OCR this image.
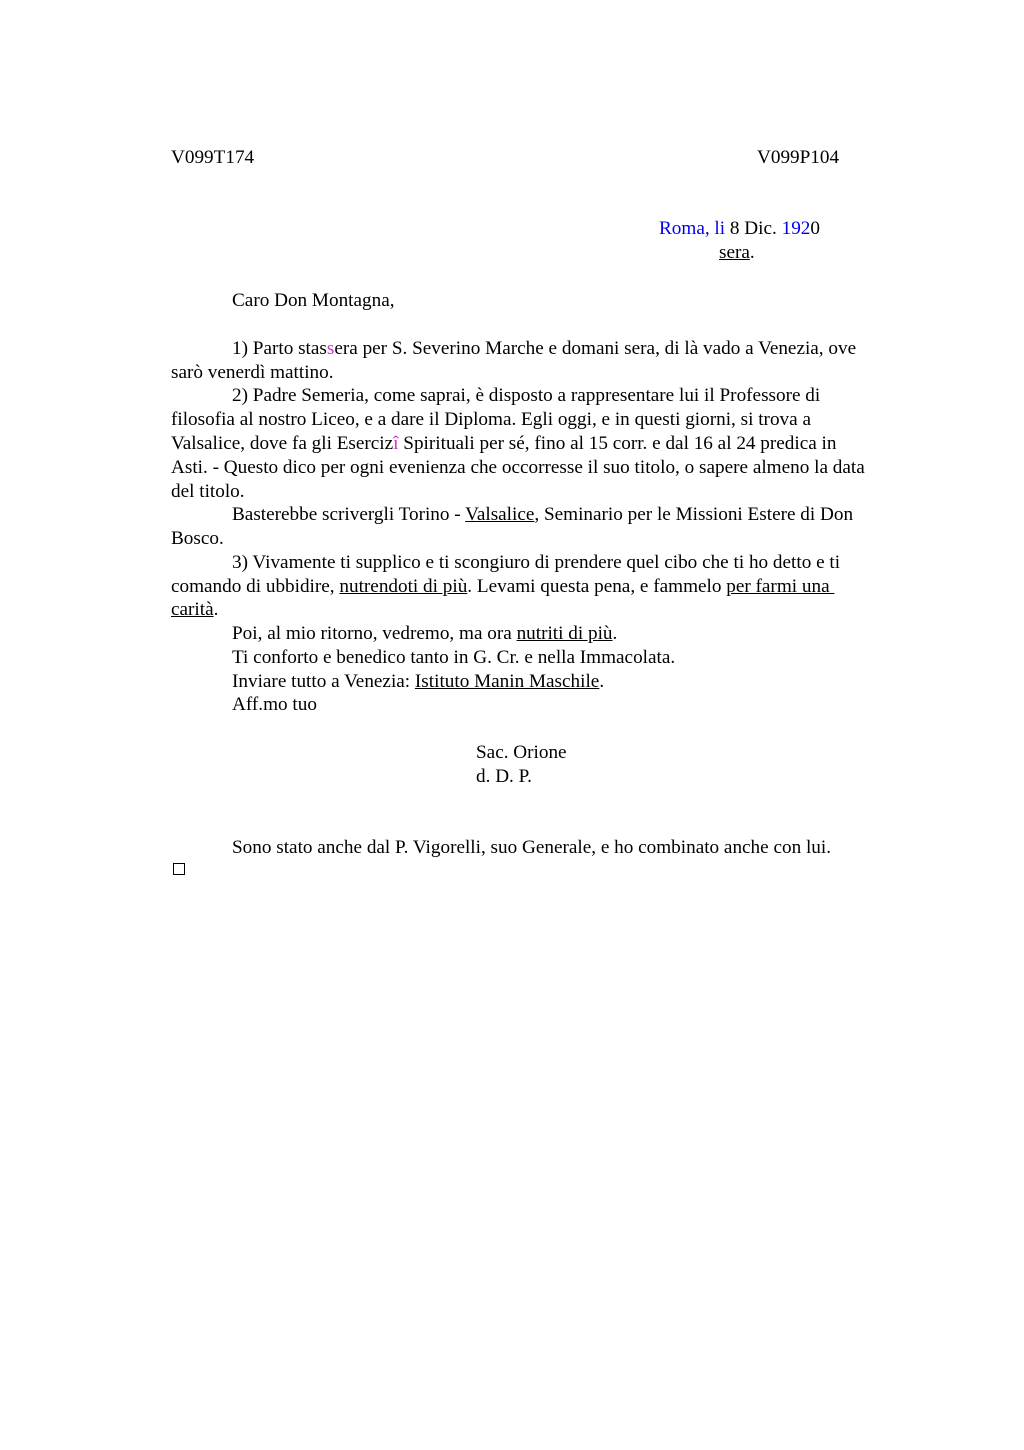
V099T174	V099P104
Roma, li 8 Dic. 1920
sera.
Caro Don Montagna,
1) Parto stassera per S. Severino Marche e domani sera, di là vado a Venezia, ove
sarò venerdì mattino.
2) Padre Semeria, come saprai, è disposto a rappresentare lui il Professore di
filosofia al nostro Liceo, e a dare il Diploma. Egli oggi, e in questi giorni, si trova a
Valsalice, dove fa gli Esercizî Spirituali per sé, fino al 15 corr. e dal 16 al 24 predica in
Asti. - Questo dico per ogni evenienza che occorresse il suo titolo, o sapere almeno la data
del titolo.
Basterebbe scrivergli Torino - Valsalice, Seminario per le Missioni Estere di Don
Bosco.
3) Vivamente ti supplico e ti scongiuro di prendere quel cibo che ti ho detto e ti
comando di ubbidire, nutrendoti di più. Levami questa pena, e fammelo per farmi una
carità.
Poi, al mio ritorno, vedremo, ma ora nutriti di più.
Ti conforto e benedico tanto in G. Cr. e nella Immacolata.
Inviare tutto a Venezia: Istituto Manin Maschile.
Aff.mo tuo
Sac. Orione
d. D. P.
Sono stato anche dal P. Vigorelli, suo Generale, e ho combinato anche con lui.
